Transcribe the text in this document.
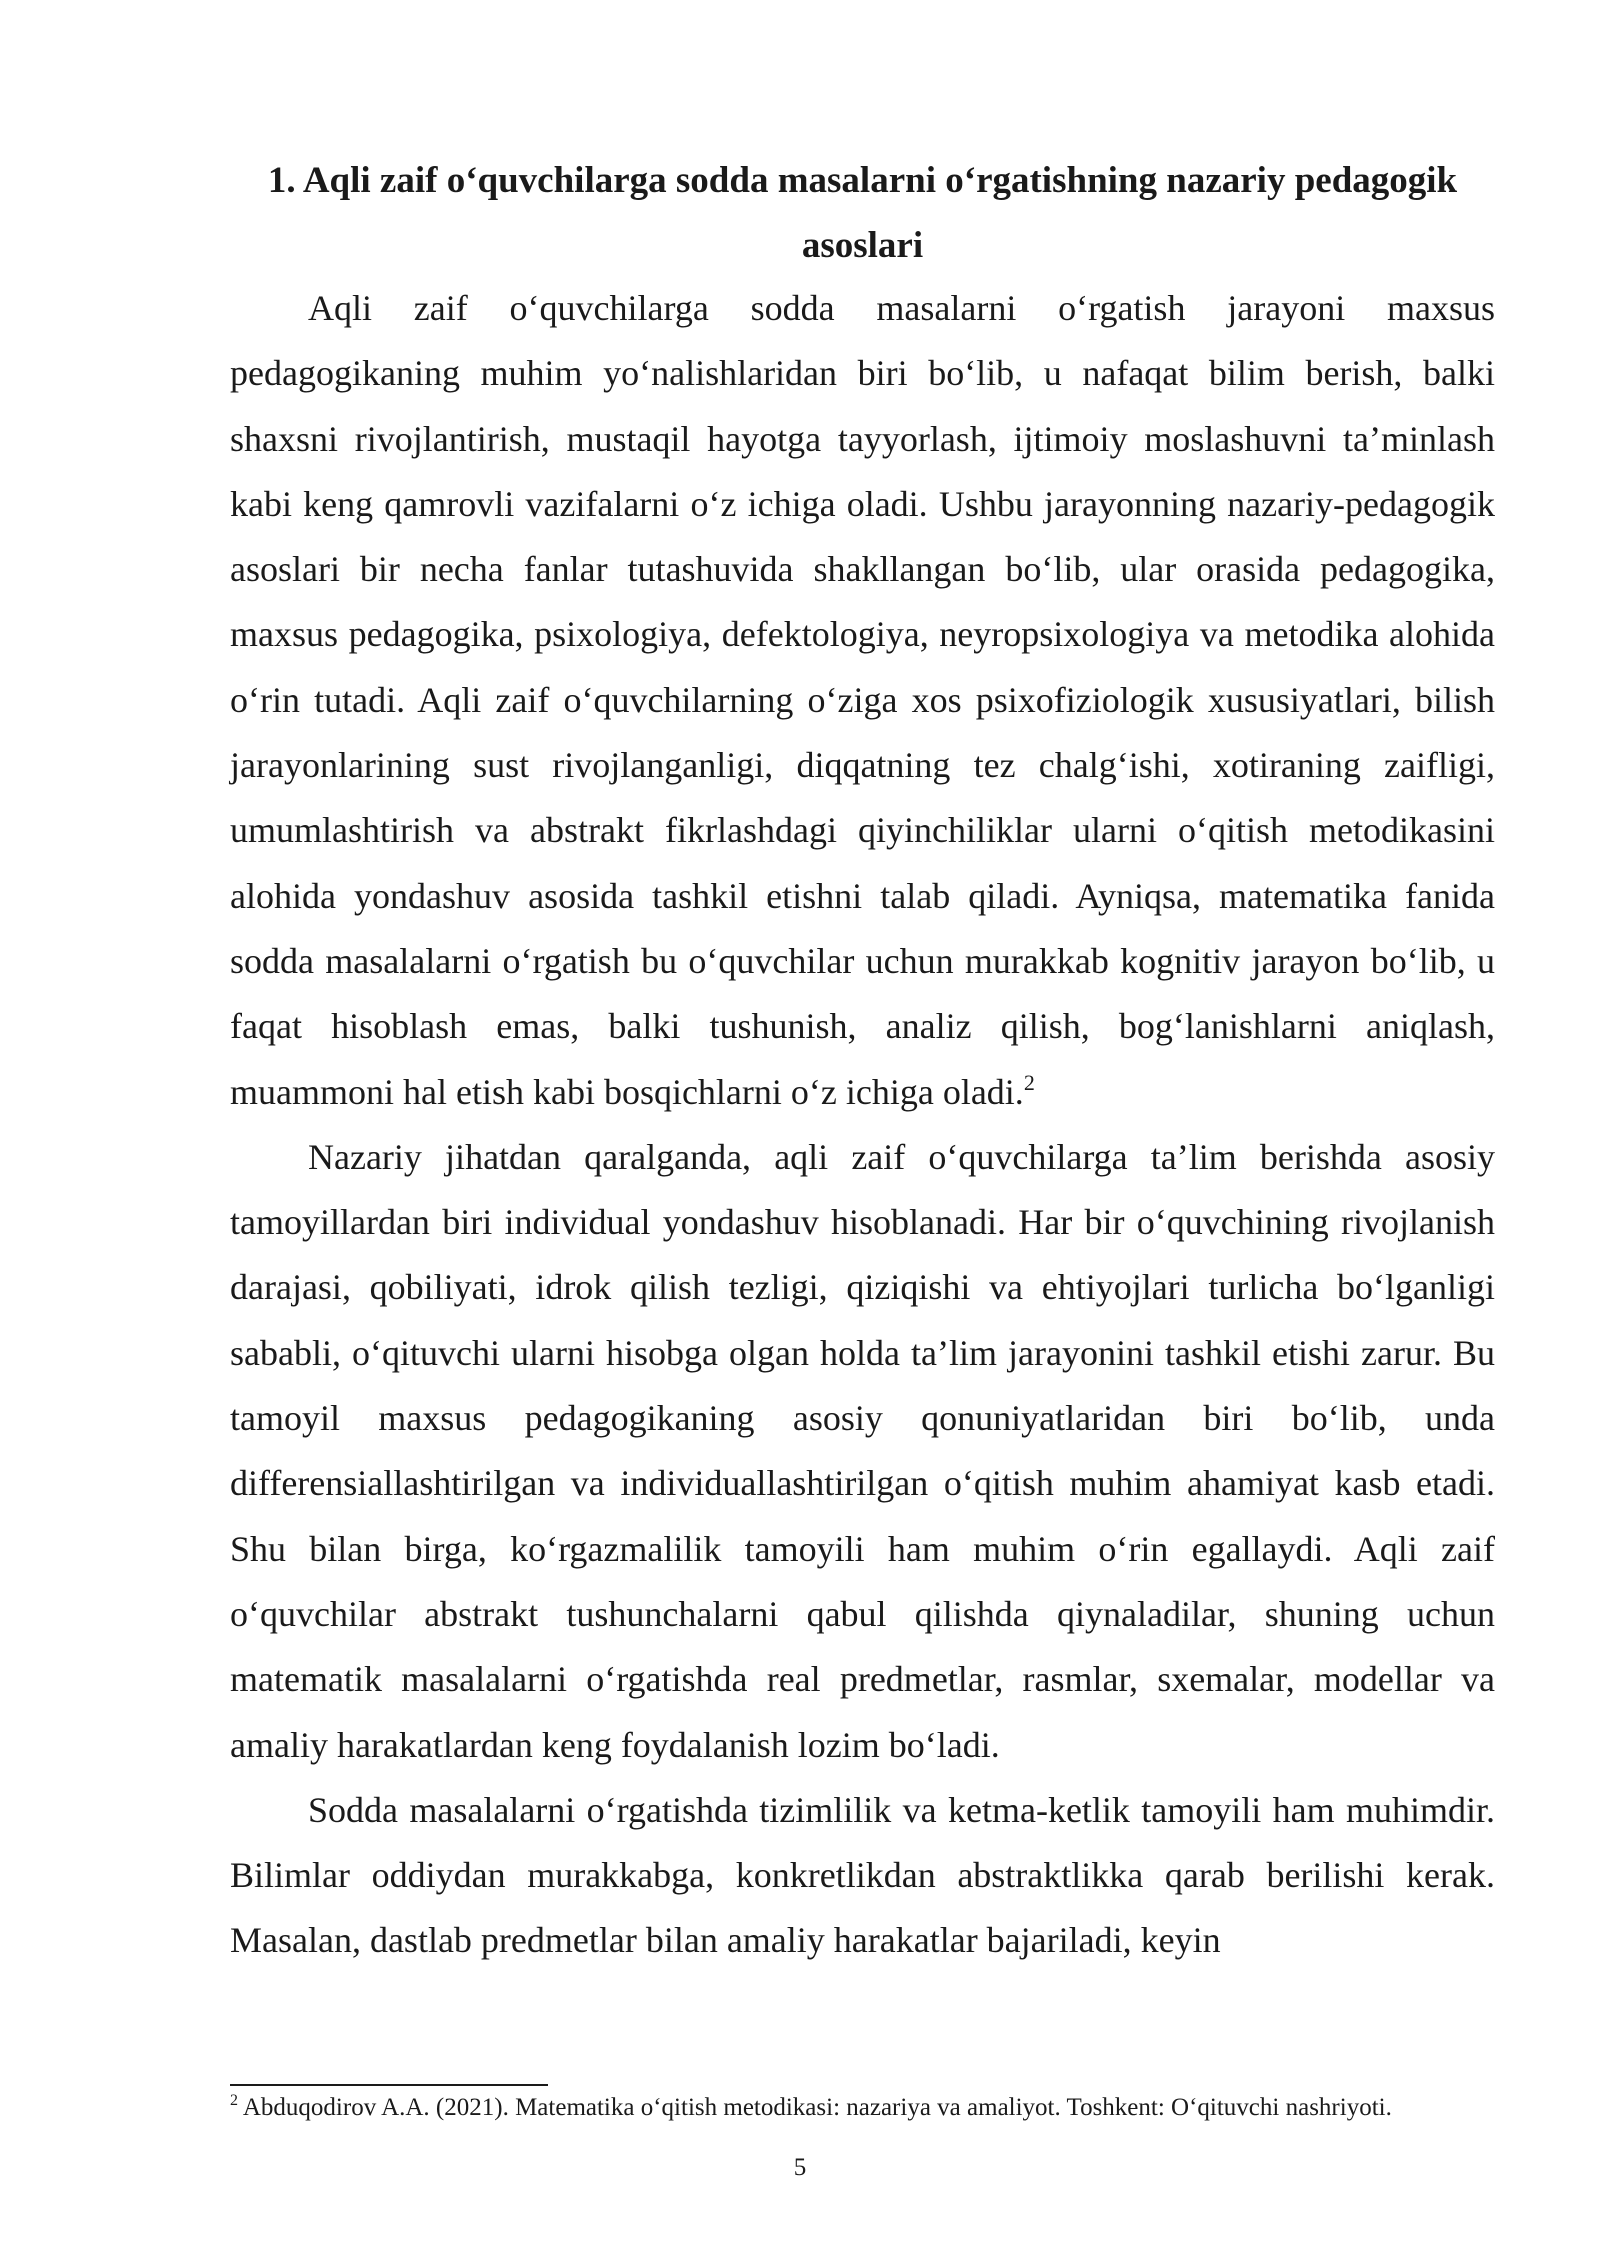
1. Aqli zaif o‘quvchilarga sodda masalarni o‘rgatishning nazariy pedagogik asoslari

Aqli zaif o‘quvchilarga sodda masalarni o‘rgatish jarayoni maxsus pedagogikaning muhim yo‘nalishlaridan biri bo‘lib, u nafaqat bilim berish, balki shaxsni rivojlantirish, mustaqil hayotga tayyorlash, ijtimoiy moslashuvni ta’minlash kabi keng qamrovli vazifalarni o‘z ichiga oladi. Ushbu jarayonning nazariy-pedagogik asoslari bir necha fanlar tutashuvida shakllangan bo‘lib, ular orasida pedagogika, maxsus pedagogika, psixologiya, defektologiya, neyropsixologiya va metodika alohida o‘rin tutadi. Aqli zaif o‘quvchilarning o‘ziga xos psixofiziologik xususiyatlari, bilish jarayonlarining sust rivojlanganligi, diqqatning tez chalg‘ishi, xotiraning zaifligi, umumlashtirish va abstrakt fikrlashdagi qiyinchiliklar ularni o‘qitish metodikasini alohida yondashuv asosida tashkil etishni talab qiladi. Ayniqsa, matematika fanida sodda masalalarni o‘rgatish bu o‘quvchilar uchun murakkab kognitiv jarayon bo‘lib, u faqat hisoblash emas, balki tushunish, analiz qilish, bog‘lanishlarni aniqlash, muammoni hal etish kabi bosqichlarni o‘z ichiga oladi.$^2$

Nazariy jihatdan qaralganda, aqli zaif o‘quvchilarga ta’lim berishda asosiy tamoyillardan biri individual yondashuv hisoblanadi. Har bir o‘quvchining rivojlanish darajasi, qobiliyati, idrok qilish tezligi, qiziqishi va ehtiyojlari turlicha bo‘lganligi sababli, o‘qituvchi ularni hisobga olgan holda ta’lim jarayonini tashkil etishi zarur. Bu tamoyil maxsus pedagogikaning asosiy qonuniyatlaridan biri bo‘lib, unda differensiallashtirilgan va individuallashtirilgan o‘qitish muhim ahamiyat kasb etadi. Shu bilan birga, ko‘rgazmalilik tamoyili ham muhim o‘rin egallaydi. Aqli zaif o‘quvchilar abstrakt tushunchalarni qabul qilishda qiynaladilar, shuning uchun matematik masalalarni o‘rgatishda real predmetlar, rasmlar, sxemalar, modellar va amaliy harakatlardan keng foydalanish lozim bo‘ladi.

Sodda masalalarni o‘rgatishda tizimlilik va ketma-ketlik tamoyili ham muhimdir. Bilimlar oddiydan murakkabga, konkretlikdan abstraktlikka qarab berilishi kerak. Masalan, dastlab predmetlar bilan amaliy harakatlar bajariladi, keyin

$^2$ Abduqodirov A.A. (2021). Matematika o‘qitish metodikasi: nazariya va amaliyot. Toshkent: O‘qituvchi nashriyoti.
5
